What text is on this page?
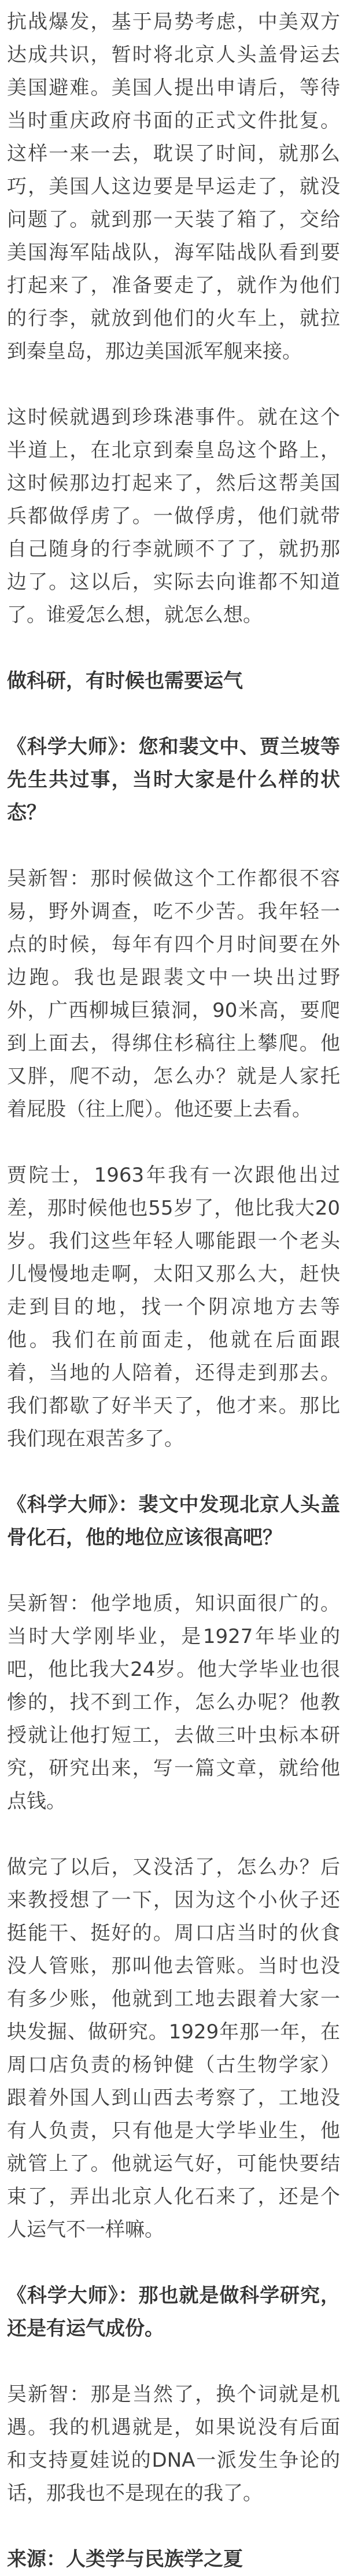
抗战爆发，基于局势考虑，中美双方达成共识，暂时将北京人头盖骨运去美国避难。美国人提出申请后，等待当时重庆政府书面的正式文件批复。这样一来一去，耽误了时间，就那么巧，美国人这边要是早运走了，就没问题了。就到那一天装了箱了，交给美国海军陆战队，海军陆战队看到要打起来了，准备要走了，就作为他们的行李，就放到他们的火车上，就拉到秦皇岛，那边美国派军舰来接。

这时候就遇到珍珠港事件。就在这个半道上，在北京到秦皇岛这个路上，这时候那边打起来了，然后这帮美国兵都做俘虏了。一做俘虏，他们就带自己随身的行李就顾不了了，就扔那边了。这以后，实际去向谁都不知道了。谁爱怎么想，就怎么想。

做科研，有时候也需要运气

《科学大师》：您和裴文中、贾兰坡等先生共过事，当时大家是什么样的状态？

吴新智：那时候做这个工作都很不容易，野外调查，吃不少苦。我年轻一点的时候，每年有四个月时间要在外边跑。我也是跟裴文中一块出过野外，广西柳城巨猿洞，90米高，要爬到上面去，得绑住杉稿往上攀爬。他又胖，爬不动，怎么办？就是人家托着屁股（往上爬）。他还要上去看。

贾院士，1963年我有一次跟他出过差，那时候他也55岁了，他比我大20岁。我们这些年轻人哪能跟一个老头儿慢慢地走啊，太阳又那么大，赶快走到目的地，找一个阴凉地方去等他。我们在前面走，他就在后面跟着，当地的人陪着，还得走到那去。我们都歇了好半天了，他才来。那比我们现在艰苦多了。

《科学大师》：裴文中发现北京人头盖骨化石，他的地位应该很高吧？

吴新智：他学地质，知识面很广的。当时大学刚毕业，是1927年毕业的吧，他比我大24岁。他大学毕业也很惨的，找不到工作，怎么办呢？他教授就让他打短工，去做三叶虫标本研究，研究出来，写一篇文章，就给他点钱。

做完了以后，又没活了，怎么办？后来教授想了一下，因为这个小伙子还挺能干、挺好的。周口店当时的伙食没人管账，那叫他去管账。当时也没有多少账，他就到工地去跟着大家一块发掘、做研究。1929年那一年，在周口店负责的杨钟健（古生物学家）跟着外国人到山西去考察了，工地没有人负责，只有他是大学毕业生，他就管上了。他就运气好，可能快要结束了，弄出北京人化石来了，还是个人运气不一样嘛。

《科学大师》：那也就是做科学研究，还是有运气成份。

吴新智：那是当然了，换个词就是机遇。我的机遇就是，如果说没有后面和支持夏娃说的DNA一派发生争论的话，那我也不是现在的我了。

来源：人类学与民族学之夏
